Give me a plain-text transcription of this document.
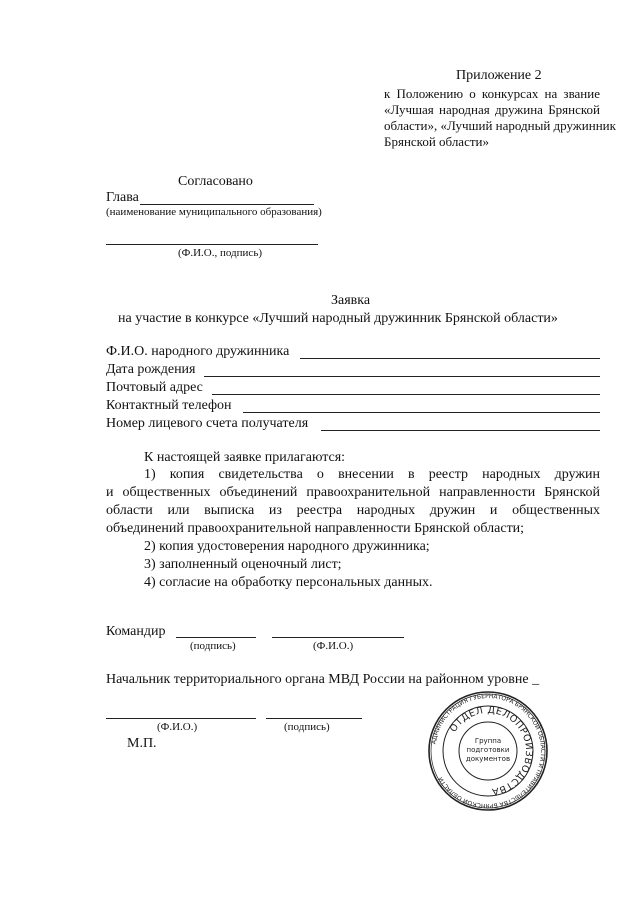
Приложение 2
к Положению о конкурсах на звание
«Лучшая народная дружина Брянской
области», «Лучший народный дружинник
Брянской области»
Согласовано
Глава
(наименование муниципального образования)
(Ф.И.О., подпись)
Заявка
на участие в конкурсе «Лучший народный дружинник Брянской области»
Ф.И.О. народного дружинника
Дата рождения
Почтовый адрес
Контактный телефон
Номер лицевого счета получателя
К настоящей заявке прилагаются:
1) копия свидетельства о внесении в реестр народных дружин
и общественных объединений правоохранительной направленности Брянской
области или выписка из реестра народных дружин и общественных
объединений правоохранительной направленности Брянской области;
2) копия удостоверения народного дружинника;
3) заполненный оценочный лист;
4) согласие на обработку персональных данных.
Командир
(подпись)	(Ф.И.О.)
Начальник территориального органа МВД России на районном уровне _
(Ф.И.О.)	(подпись)
М.П.	АДМИНИСТРАЦИЯ ГУБЕРНАТОРА БРЯНСКОЙ ОБЛАСТИ И ПРАВИТЕЛЬСТВА БРЯНСКОЙ ОБЛАСТИ
ОТДЕЛ ДЕЛОПРОИЗВОДСТВА
Группа
подготовки
документов
